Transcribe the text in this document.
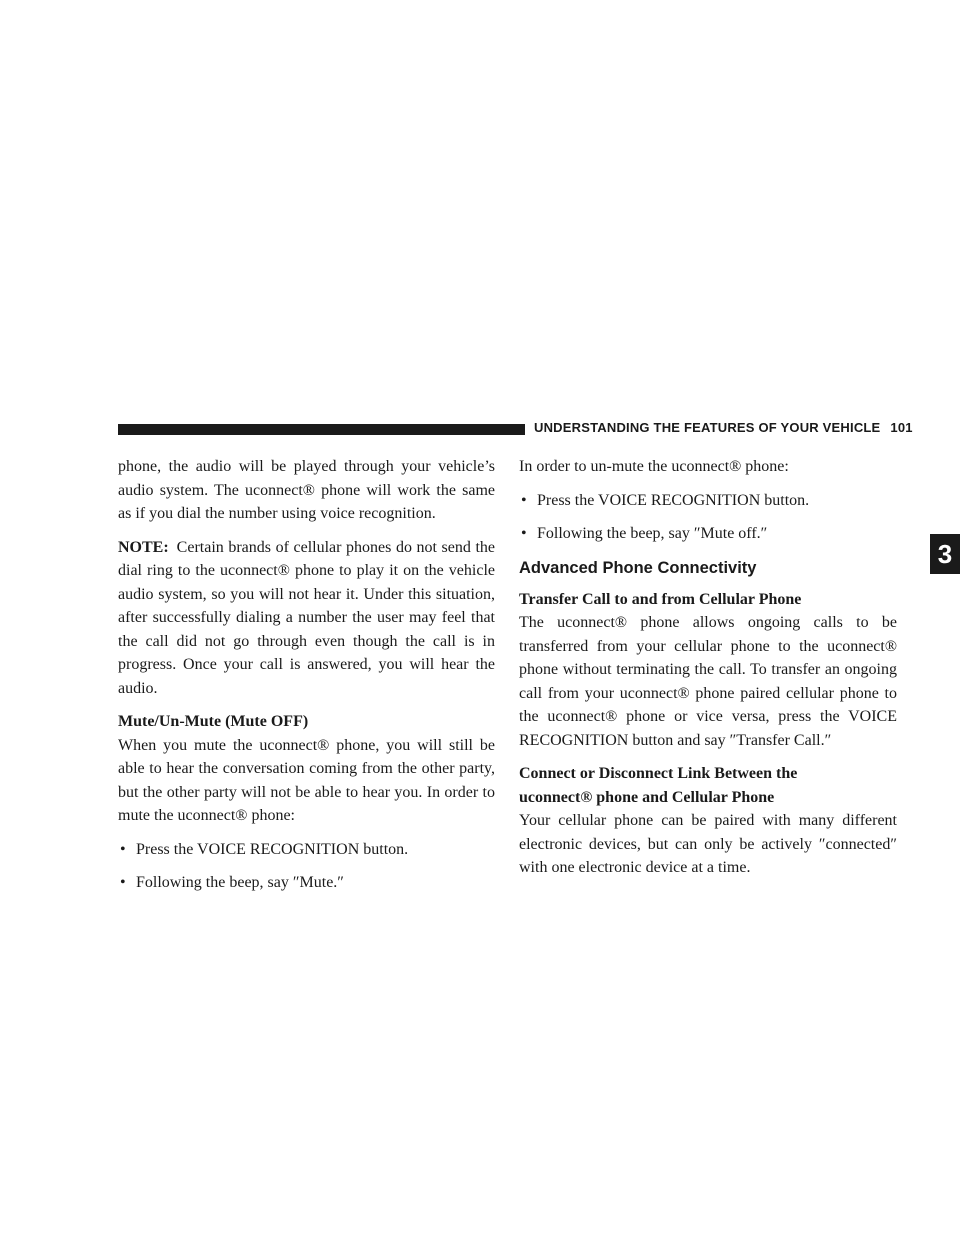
UNDERSTANDING THE FEATURES OF YOUR VEHICLE 101
3

phone, the audio will be played through your vehicle’s audio system. The uconnect® phone will work the same as if you dial the number using voice recognition.

NOTE: Certain brands of cellular phones do not send the dial ring to the uconnect® phone to play it on the vehicle audio system, so you will not hear it. Under this situation, after successfully dialing a number the user may feel that the call did not go through even though the call is in progress. Once your call is answered, you will hear the audio.

Mute/Un-Mute (Mute OFF)

When you mute the uconnect® phone, you will still be able to hear the conversation coming from the other party, but the other party will not be able to hear you. In order to mute the uconnect® phone:

• Press the VOICE RECOGNITION button.
• Following the beep, say ″Mute.″

In order to un-mute the uconnect® phone:

• Press the VOICE RECOGNITION button.
• Following the beep, say ″Mute off.″
Advanced Phone Connectivity
Transfer Call to and from Cellular Phone

The uconnect® phone allows ongoing calls to be transferred from your cellular phone to the uconnect® phone without terminating the call. To transfer an ongoing call from your uconnect® phone paired cellular phone to the uconnect® phone or vice versa, press the VOICE RECOGNITION button and say ″Transfer Call.″

Connect or Disconnect Link Between the
uconnect® phone and Cellular Phone

Your cellular phone can be paired with many different electronic devices, but can only be actively ″connected″ with one electronic device at a time.
